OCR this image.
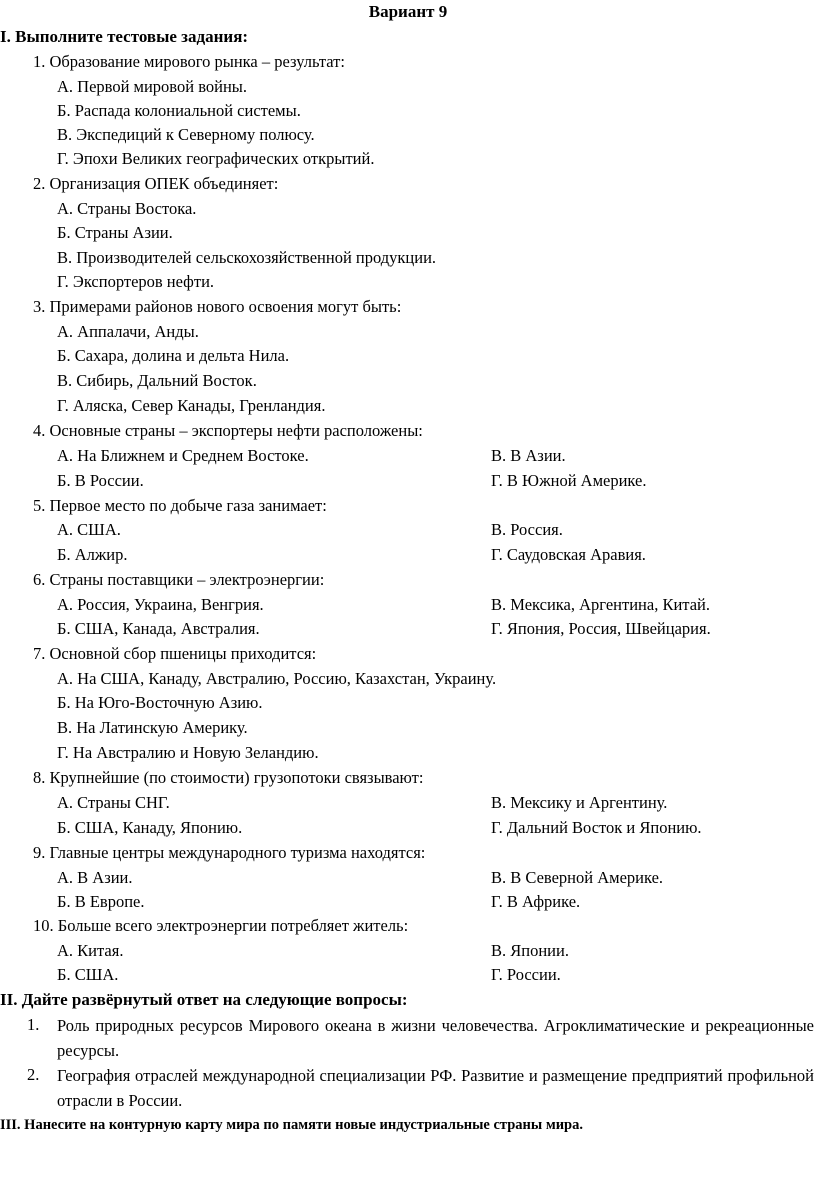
Вариант 9
I. Выполните тестовые задания:
1. Образование мирового рынка – результат:
А. Первой мировой войны.
Б. Распада колониальной системы.
В. Экспедиций к Северному полюсу.
Г. Эпохи Великих географических открытий.
2. Организация ОПЕК объединяет:
А. Страны Востока.
Б. Страны Азии.
В. Производителей сельскохозяйственной продукции.
Г. Экспортеров нефти.
3. Примерами районов нового освоения могут быть:
А. Аппалачи, Анды.
Б. Сахара, долина и дельта Нила.
В. Сибирь, Дальний Восток.
Г. Аляска, Север Канады, Гренландия.
4. Основные страны – экспортеры нефти расположены:
А. На Ближнем и Среднем Востоке.	В. В Азии.
Б. В России.	Г. В Южной Америке.
5. Первое место по добыче газа занимает:
А. США.	В. Россия.
Б. Алжир.	Г. Саудовская Аравия.
6. Страны поставщики – электроэнергии:
А. Россия, Украина, Венгрия.	В. Мексика, Аргентина, Китай.
Б. США, Канада, Австралия.	Г. Япония, Россия, Швейцария.
7. Основной сбор пшеницы приходится:
А. На США, Канаду, Австралию, Россию, Казахстан, Украину.
Б. На Юго-Восточную Азию.
В. На Латинскую Америку.
Г. На Австралию и Новую Зеландию.
8. Крупнейшие (по стоимости) грузопотоки связывают:
А. Страны СНГ.	В. Мексику и Аргентину.
Б. США, Канаду, Японию.	Г. Дальний Восток и Японию.
9. Главные центры международного туризма находятся:
А. В Азии.	В. В Северной Америке.
Б. В Европе.	Г. В Африке.
10. Больше всего электроэнергии потребляет житель:
А. Китая.	В. Японии.
Б. США.	Г. России.
II. Дайте развёрнутый ответ на следующие вопросы:
1. Роль природных ресурсов Мирового океана в жизни человечества. Агроклиматические и рекреационные ресурсы.
2. География отраслей международной специализации РФ. Развитие и размещение предприятий профильной отрасли в России.
III. Нанесите на контурную карту мира по памяти новые индустриальные страны мира.
